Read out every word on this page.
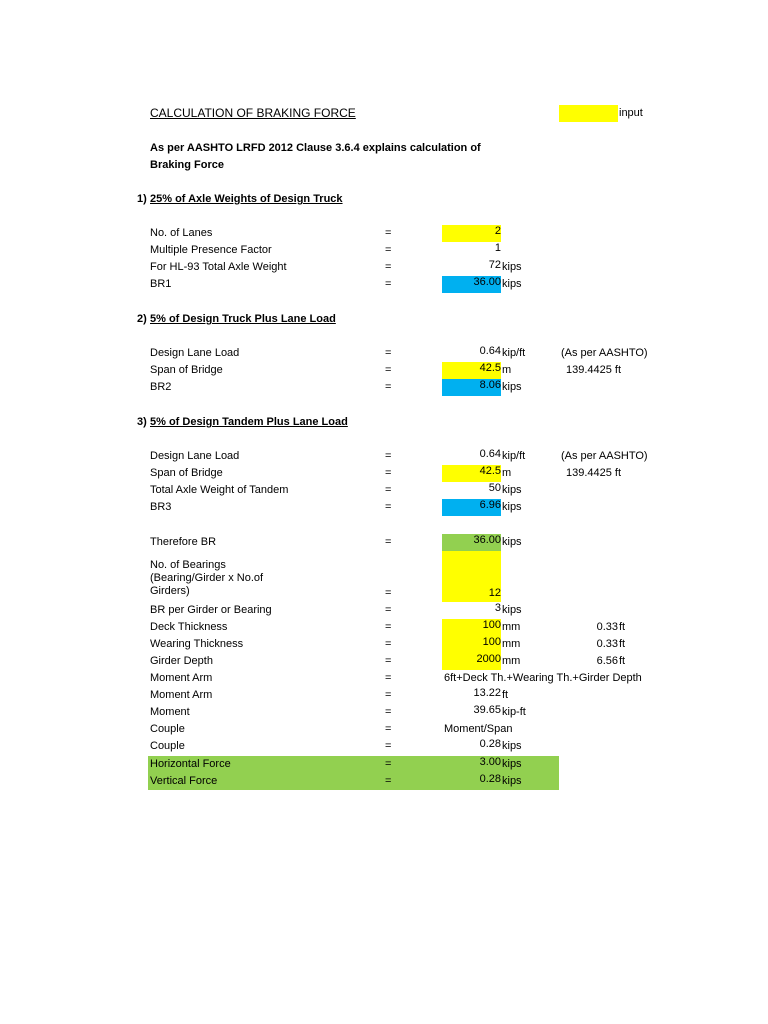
CALCULATION OF BRAKING FORCE	input
As per AASHTO LRFD 2012 Clause 3.6.4 explains calculation of
Braking Force
1) 25% of Axle Weights of Design Truck
No. of Lanes	=	2
Multiple Presence Factor	=	1
For HL-93 Total Axle Weight	=	72 kips
BR1	=	36.00 kips
2) 5% of Design Truck Plus Lane Load
Design Lane Load	=	0.64 kip/ft	(As per AASHTO)
Span of Bridge	=	42.5 m	139.4425 ft
BR2	=	8.06 kips
3) 5% of Design Tandem Plus Lane Load
Design Lane Load	=	0.64 kip/ft	(As per AASHTO)
Span of Bridge	=	42.5 m	139.4425 ft
Total Axle Weight of Tandem	=	50 kips
BR3	=	6.96 kips
Therefore BR	=	36.00 kips
No. of Bearings
(Bearing/Girder x No.of
Girders)	=	12
BR per Girder or Bearing	=	3 kips
Deck Thickness	=	100 mm	0.33 ft
Wearing Thickness	=	100 mm	0.33 ft
Girder Depth	=	2000 mm	6.56 ft
Moment Arm	=	6ft+Deck Th.+Wearing Th.+Girder Depth
Moment Arm	=	13.22 ft
Moment	=	39.65 kip-ft
Couple	=	Moment/Span
Couple	=	0.28 kips
Horizontal Force	=	3.00 kips
Vertical Force	=	0.28 kips
